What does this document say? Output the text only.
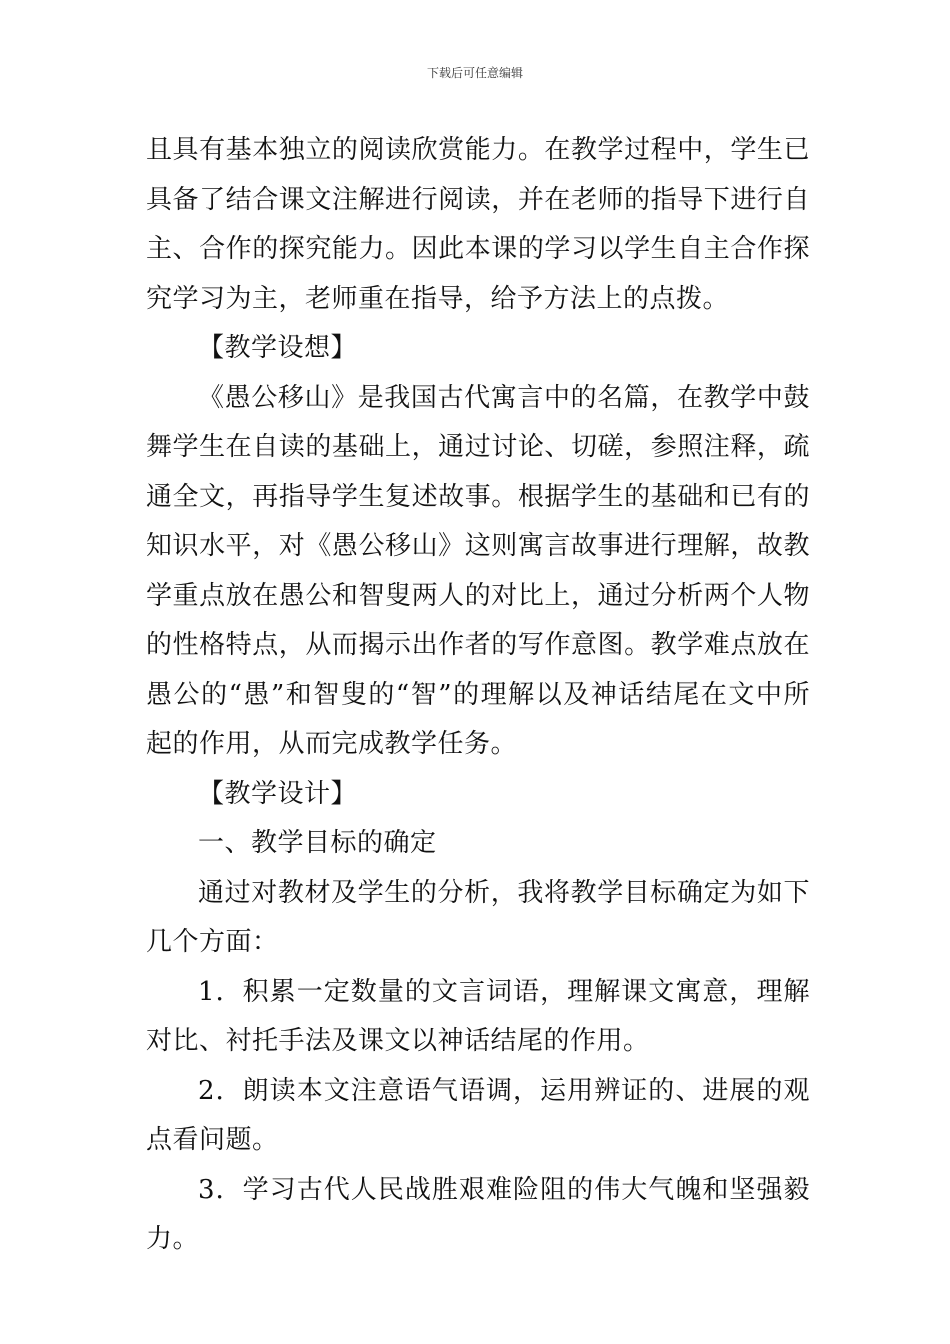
下载后可任意编辑

且具有基本独立的阅读欣赏能力。在教学过程中，学生已具备了结合课文注解进行阅读，并在老师的指导下进行自主、合作的探究能力。因此本课的学习以学生自主合作探究学习为主，老师重在指导，给予方法上的点拨。

【教学设想】

《愚公移山》是我国古代寓言中的名篇，在教学中鼓舞学生在自读的基础上，通过讨论、切磋，参照注释，疏通全文，再指导学生复述故事。根据学生的基础和已有的知识水平，对《愚公移山》这则寓言故事进行理解，故教学重点放在愚公和智叟两人的对比上，通过分析两个人物的性格特点，从而揭示出作者的写作意图。教学难点放在愚公的“愚”和智叟的“智”的理解以及神话结尾在文中所起的作用，从而完成教学任务。

【教学设计】

一、教学目标的确定

通过对教材及学生的分析，我将教学目标确定为如下几个方面：

1．积累一定数量的文言词语，理解课文寓意，理解对比、衬托手法及课文以神话结尾的作用。

2．朗读本文注意语气语调，运用辨证的、进展的观点看问题。

3．学习古代人民战胜艰难险阻的伟大气魄和坚强毅力。
